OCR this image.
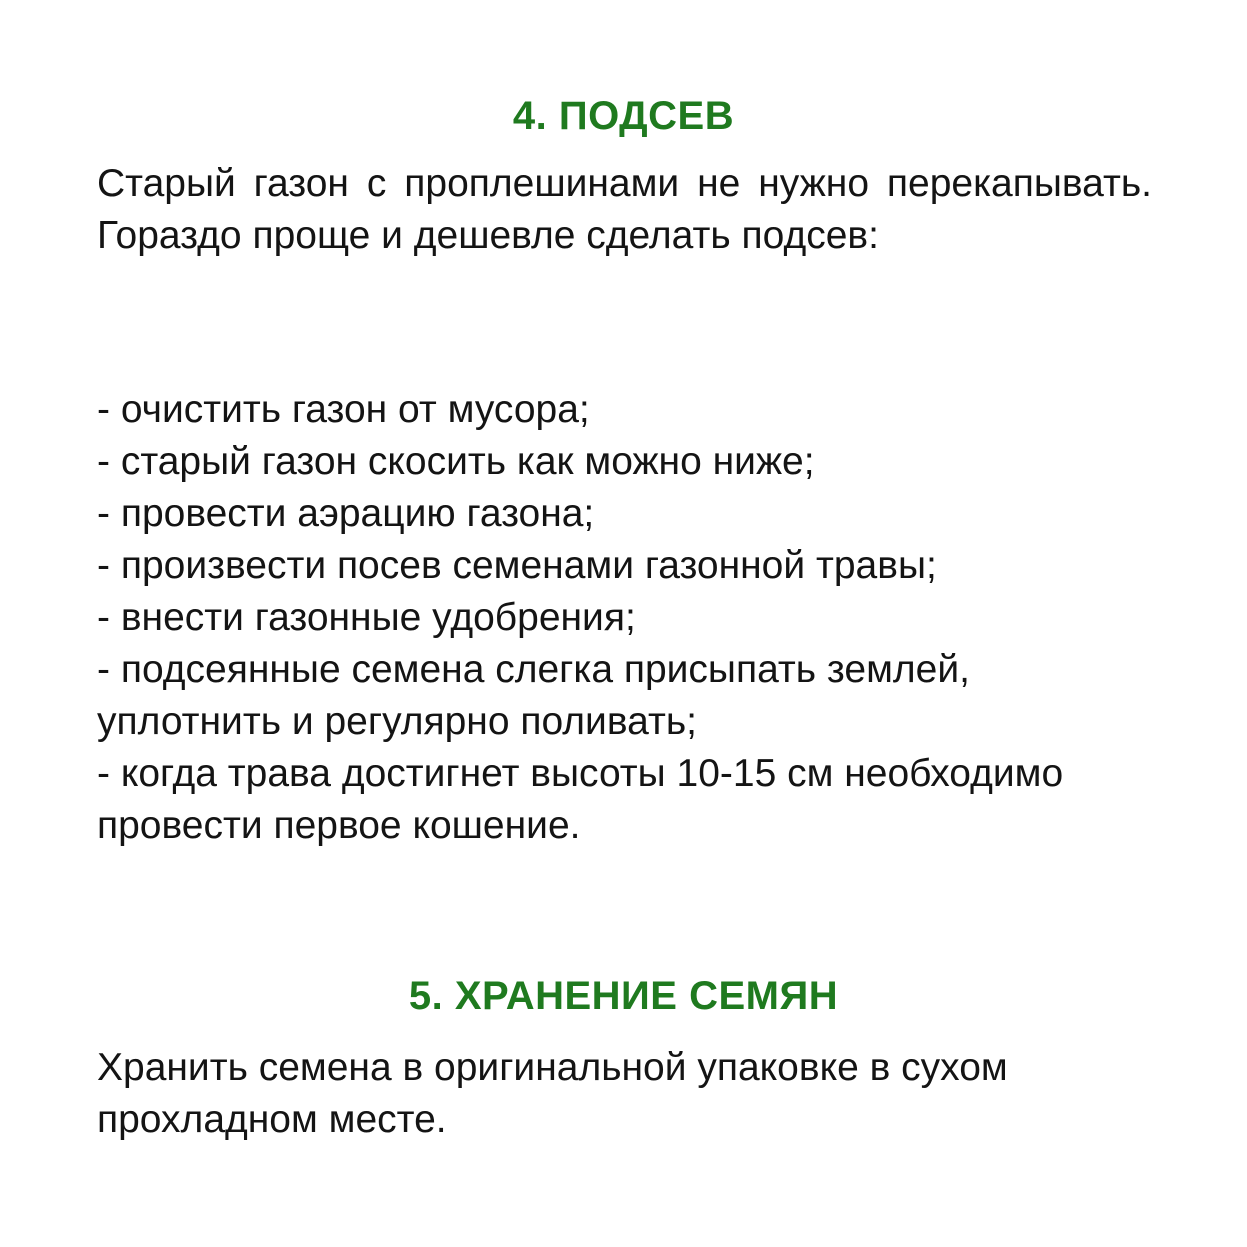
4. ПОДСЕВ

Старый газон с проплешинами не нужно перекапывать. Гораздо проще и дешевле сделать подсев:

- очистить газон от мусора;
- старый газон скосить как можно ниже;
- провести аэрацию газона;
- произвести посев семенами газонной травы;
- внести газонные удобрения;
- подсеянные семена слегка присыпать землей, уплотнить и регулярно поливать;
- когда трава достигнет высоты 10-15 см необходимо провести первое кошение.
5. ХРАНЕНИЕ СЕМЯН

Хранить семена в оригинальной упаковке в сухом прохладном месте.
